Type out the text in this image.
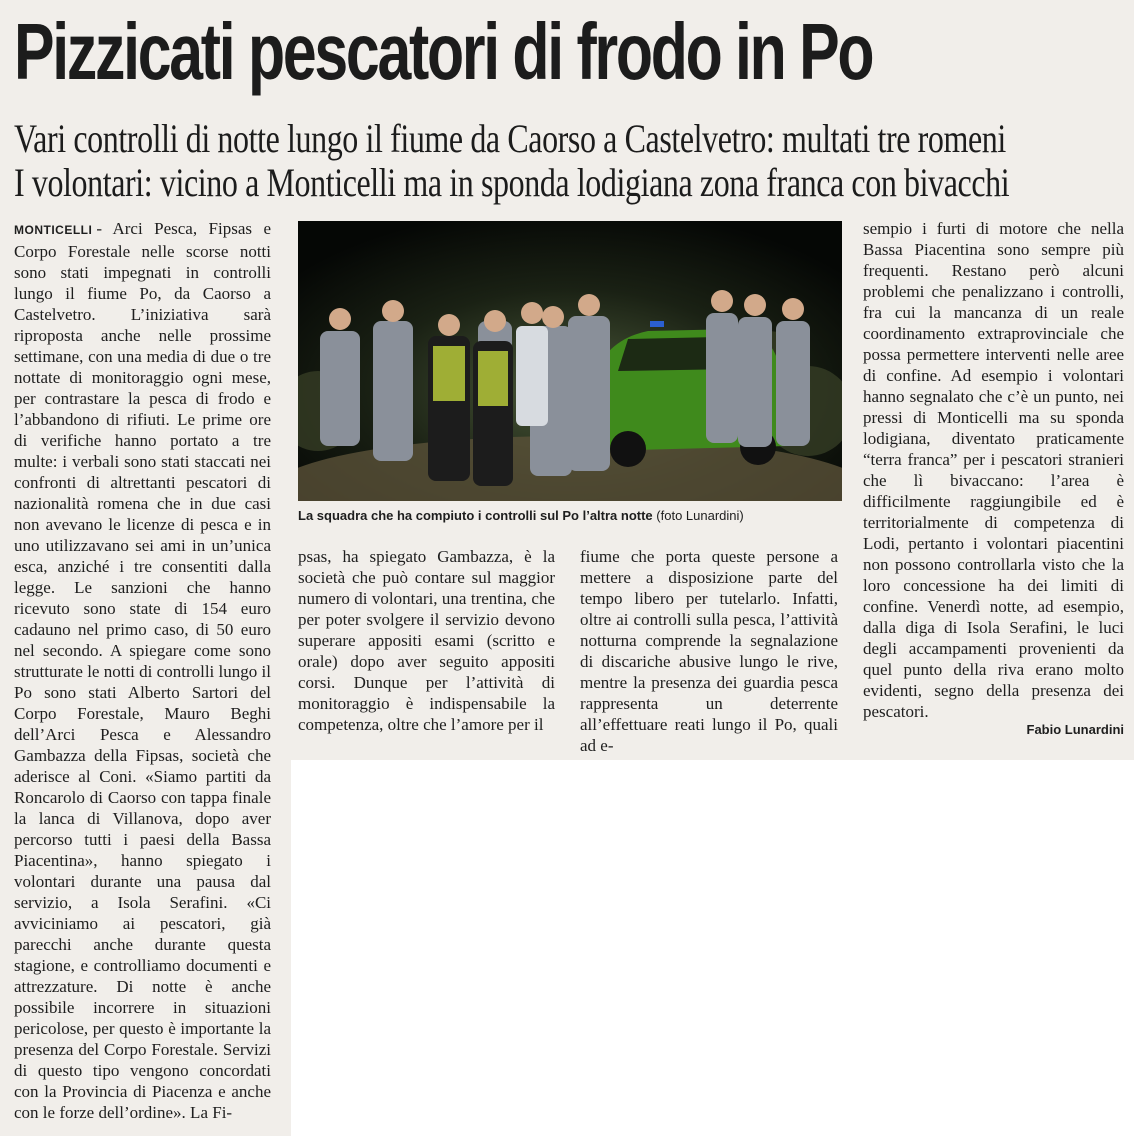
Pizzicati pescatori di frodo in Po

Vari controlli di notte lungo il fiume da Caorso a Castelvetro: multati tre romeni

I volontari: vicino a Monticelli ma in sponda lodigiana zona franca con bivacchi

MONTICELLI - Arci Pesca, Fipsas e Corpo Forestale nelle scorse notti sono stati impegnati in controlli lungo il fiume Po, da Caorso a Castelvetro. L’iniziativa sarà riproposta anche nelle prossime settimane, con una media di due o tre nottate di monitoraggio ogni mese, per contrastare la pesca di frodo e l’abbandono di rifiuti. Le prime ore di verifiche hanno portato a tre multe: i verbali sono stati staccati nei confronti di altrettanti pescatori di nazionalità romena che in due casi non avevano le licenze di pesca e in uno utilizzavano sei ami in un’unica esca, anziché i tre consentiti dalla legge. Le sanzioni che hanno ricevuto sono state di 154 euro cadauno nel primo caso, di 50 euro nel secondo. A spiegare come sono strutturate le notti di controlli lungo il Po sono stati Alberto Sartori del Corpo Forestale, Mauro Beghi dell’Arci Pesca e Alessandro Gambazza della Fipsas, società che aderisce al Coni. «Siamo partiti da Roncarolo di Caorso con tappa finale la lanca di Villanova, dopo aver percorso tutti i paesi della Bassa Piacentina», hanno spiegato i volontari durante una pausa dal servizio, a Isola Serafini. «Ci avviciniamo ai pescatori, già parecchi anche durante questa stagione, e controlliamo documenti e attrezzature. Di notte è anche possibile incorrere in situazioni pericolose, per questo è importante la presenza del Corpo Forestale. Servizi di questo tipo vengono concordati con la Provincia di Piacenza e anche con le forze dell’ordine». La Fi-

La squadra che ha compiuto i controlli sul Po l’altra notte (foto Lunardini)

psas, ha spiegato Gambazza, è la società che può contare sul maggior numero di volontari, una trentina, che per poter svolgere il servizio devono superare appositi esami (scritto e orale) dopo aver seguito appositi corsi. Dunque per l’attività di monitoraggio è indispensabile la competenza, oltre che l’amore per il

fiume che porta queste persone a mettere a disposizione parte del tempo libero per tutelarlo. Infatti, oltre ai controlli sulla pesca, l’attività notturna comprende la segnalazione di discariche abusive lungo le rive, mentre la presenza dei guardia pesca rappresenta un deterrente all’effettuare reati lungo il Po, quali ad e-

sempio i furti di motore che nella Bassa Piacentina sono sempre più frequenti. Restano però alcuni problemi che penalizzano i controlli, fra cui la mancanza di un reale coordinamento extraprovinciale che possa permettere interventi nelle aree di confine. Ad esempio i volontari hanno segnalato che c’è un punto, nei pressi di Monticelli ma su sponda lodigiana, diventato praticamente “terra franca” per i pescatori stranieri che lì bivaccano: l’area è difficilmente raggiungibile ed è territorialmente di competenza di Lodi, pertanto i volontari piacentini non possono controllarla visto che la loro concessione ha dei limiti di confine. Venerdì notte, ad esempio, dalla diga di Isola Serafini, le luci degli accampamenti provenienti da quel punto della riva erano molto evidenti, segno della presenza dei pescatori.

Fabio Lunardini
